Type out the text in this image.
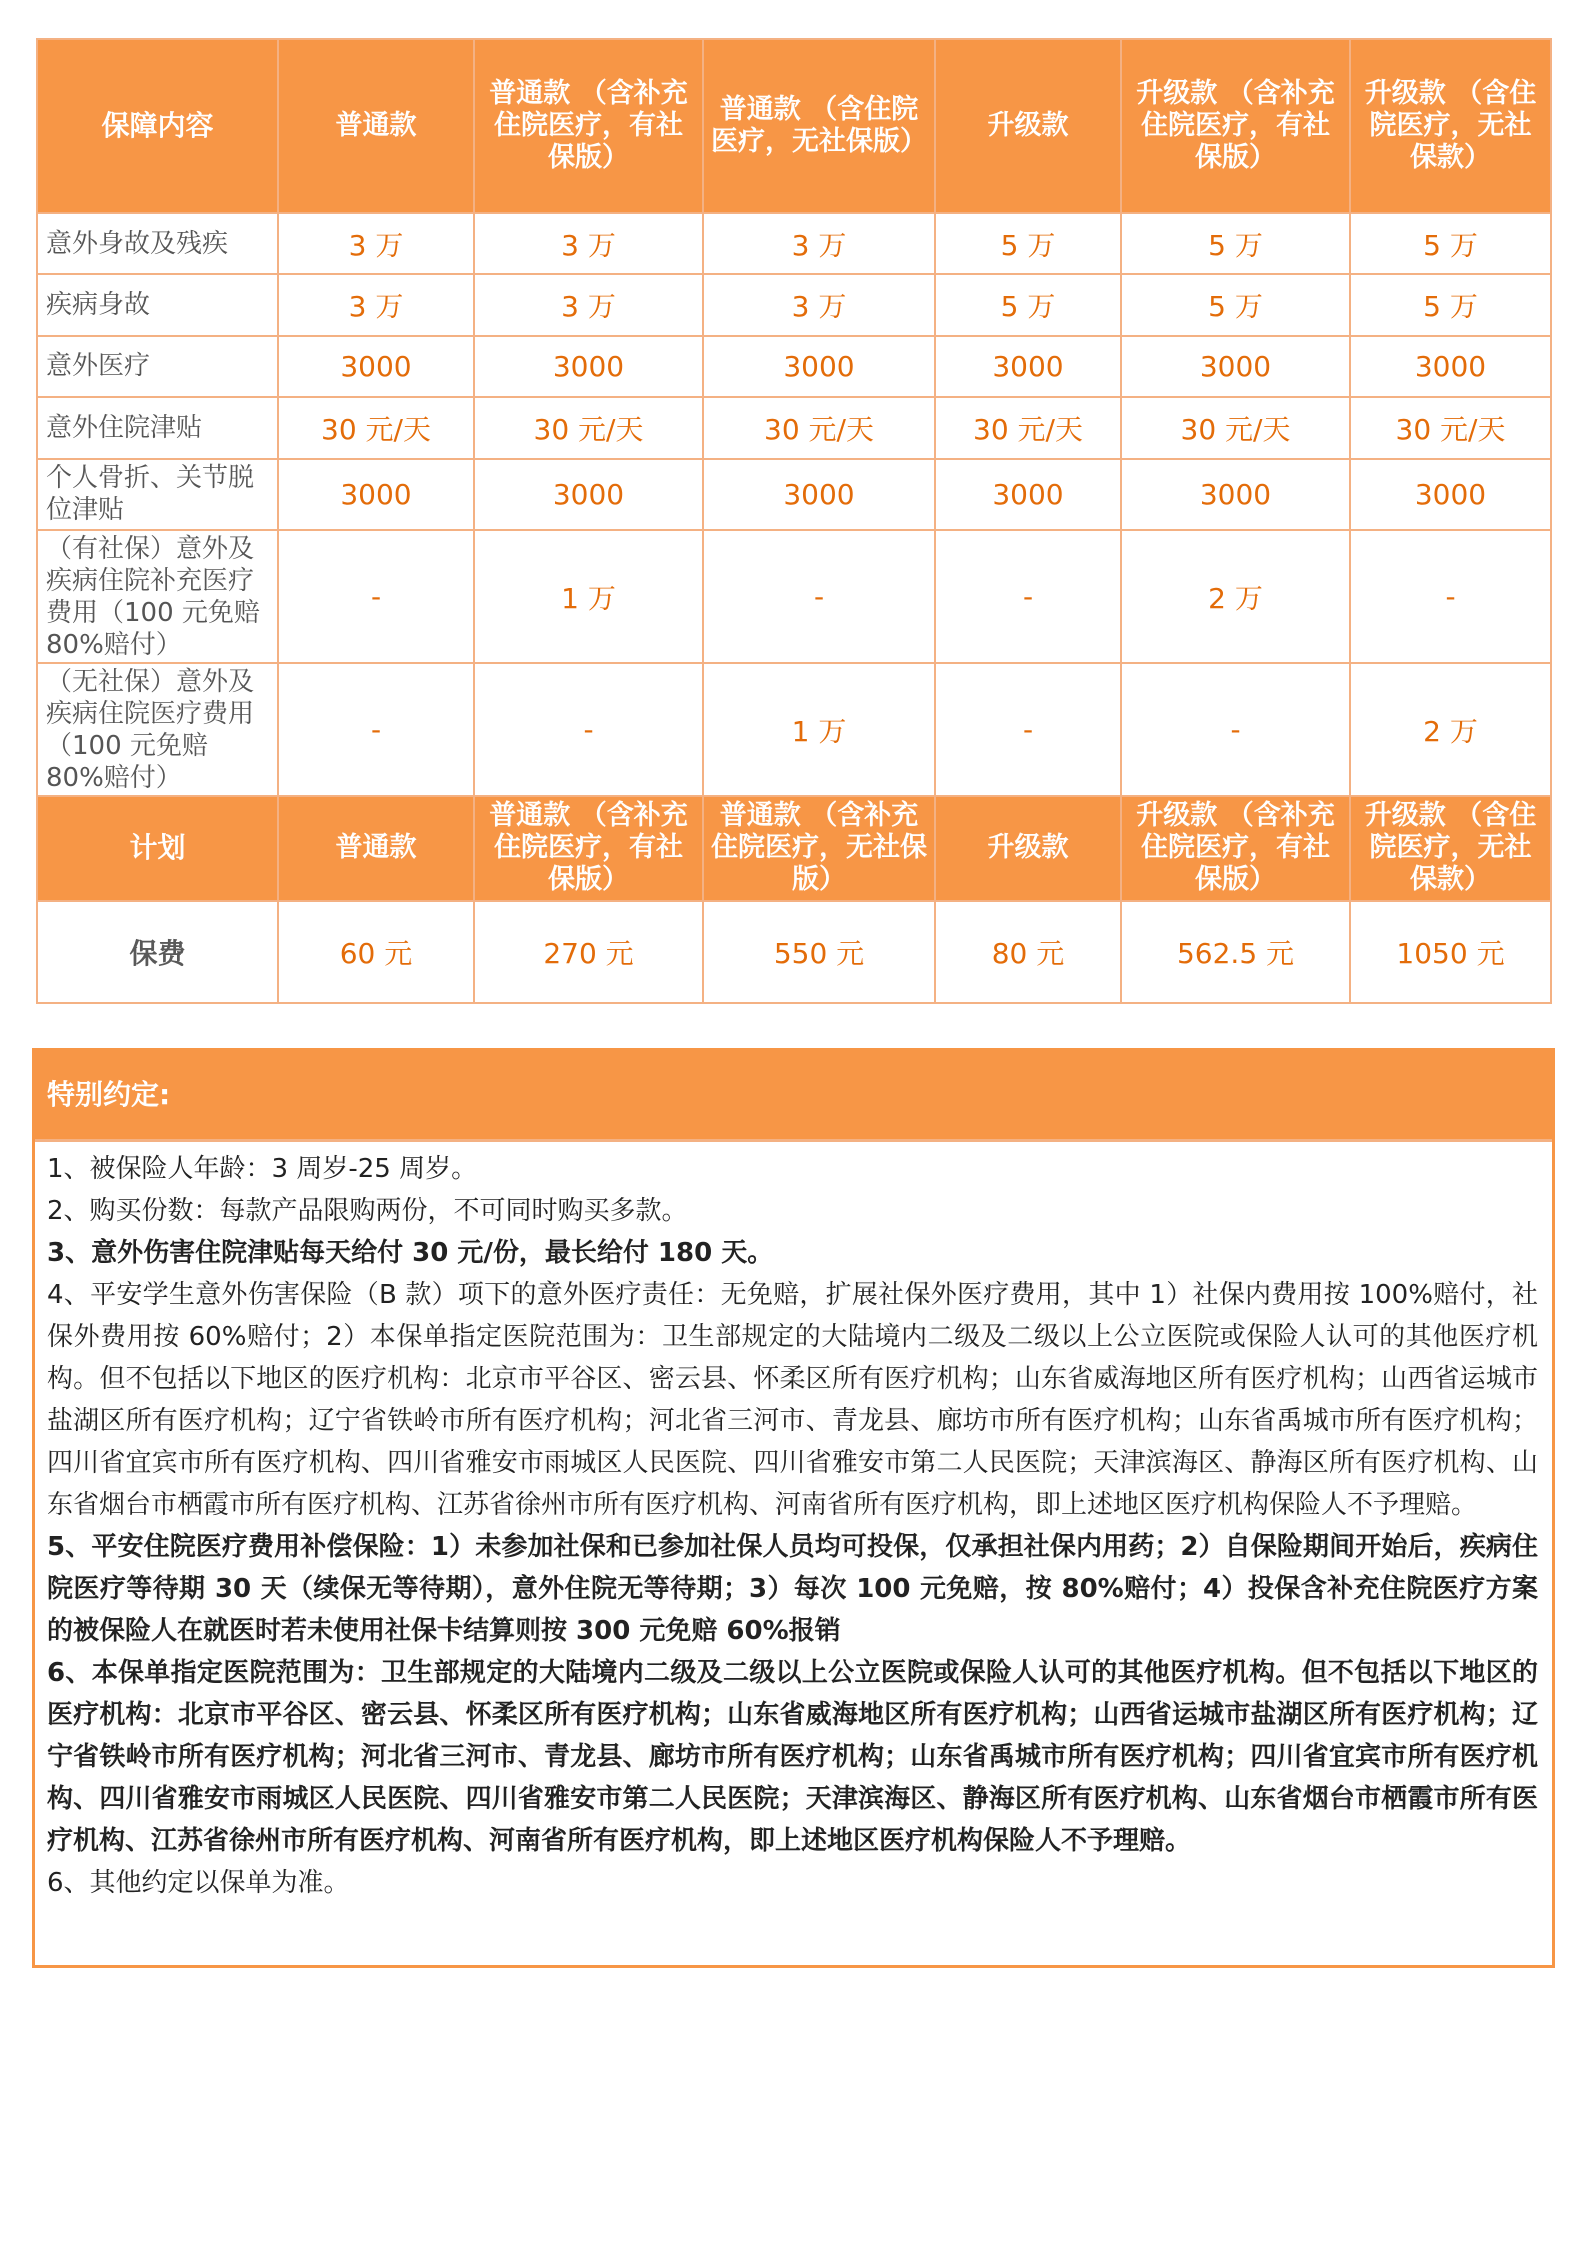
保障内容	普通款	普通款 （含补充住院医疗，有社保版）	普通款 （含住院医疗，无社保版）	升级款	升级款 （含补充住院医疗，有社保版）	升级款 （含住院医疗，无社保款）
意外身故及残疾	3 万	3 万	3 万	5 万	5 万	5 万
疾病身故	3 万	3 万	3 万	5 万	5 万	5 万
意外医疗	3000	3000	3000	3000	3000	3000
意外住院津贴	30 元/天	30 元/天	30 元/天	30 元/天	30 元/天	30 元/天
个人骨折、关节脱位津贴	3000	3000	3000	3000	3000	3000
（有社保）意外及疾病住院补充医疗费用（100 元免赔 80%赔付）	-	1 万	-	-	2 万	-
（无社保）意外及疾病住院医疗费用（100 元免赔 80%赔付）	-	-	1 万	-	-	2 万
计划	普通款	普通款 （含补充住院医疗，有社保版）	普通款 （含补充住院医疗，无社保版）	升级款	升级款 （含补充住院医疗，有社保版）	升级款 （含住院医疗，无社保款）
保费	60 元	270 元	550 元	80 元	562.5 元	1050 元
特别约定:

1、被保险人年龄：3 周岁-25 周岁。

2、购买份数：每款产品限购两份，不可同时购买多款。

3、意外伤害住院津贴每天给付 30 元/份，最长给付 180 天。

4、平安学生意外伤害保险（B 款）项下的意外医疗责任：无免赔，扩展社保外医疗费用，其中 1）社保内费用按 100%赔付，社保外费用按 60%赔付；2）本保单指定医院范围为：卫生部规定的大陆境内二级及二级以上公立医院或保险人认可的其他医疗机构。但不包括以下地区的医疗机构：北京市平谷区、密云县、怀柔区所有医疗机构；山东省威海地区所有医疗机构；山西省运城市盐湖区所有医疗机构；辽宁省铁岭市所有医疗机构；河北省三河市、青龙县、廊坊市所有医疗机构；山东省禹城市所有医疗机构；四川省宜宾市所有医疗机构、四川省雅安市雨城区人民医院、四川省雅安市第二人民医院；天津滨海区、静海区所有医疗机构、山东省烟台市栖霞市所有医疗机构、江苏省徐州市所有医疗机构、河南省所有医疗机构，即上述地区医疗机构保险人不予理赔。

5、平安住院医疗费用补偿保险：1）未参加社保和已参加社保人员均可投保，仅承担社保内用药；2）自保险期间开始后，疾病住院医疗等待期 30 天（续保无等待期），意外住院无等待期；3）每次 100 元免赔，按 80%赔付；4）投保含补充住院医疗方案的被保险人在就医时若未使用社保卡结算则按 300 元免赔 60%报销

6、本保单指定医院范围为：卫生部规定的大陆境内二级及二级以上公立医院或保险人认可的其他医疗机构。但不包括以下地区的医疗机构：北京市平谷区、密云县、怀柔区所有医疗机构；山东省威海地区所有医疗机构；山西省运城市盐湖区所有医疗机构；辽宁省铁岭市所有医疗机构；河北省三河市、青龙县、廊坊市所有医疗机构；山东省禹城市所有医疗机构；四川省宜宾市所有医疗机构、四川省雅安市雨城区人民医院、四川省雅安市第二人民医院；天津滨海区、静海区所有医疗机构、山东省烟台市栖霞市所有医疗机构、江苏省徐州市所有医疗机构、河南省所有医疗机构，即上述地区医疗机构保险人不予理赔。

6、其他约定以保单为准。
